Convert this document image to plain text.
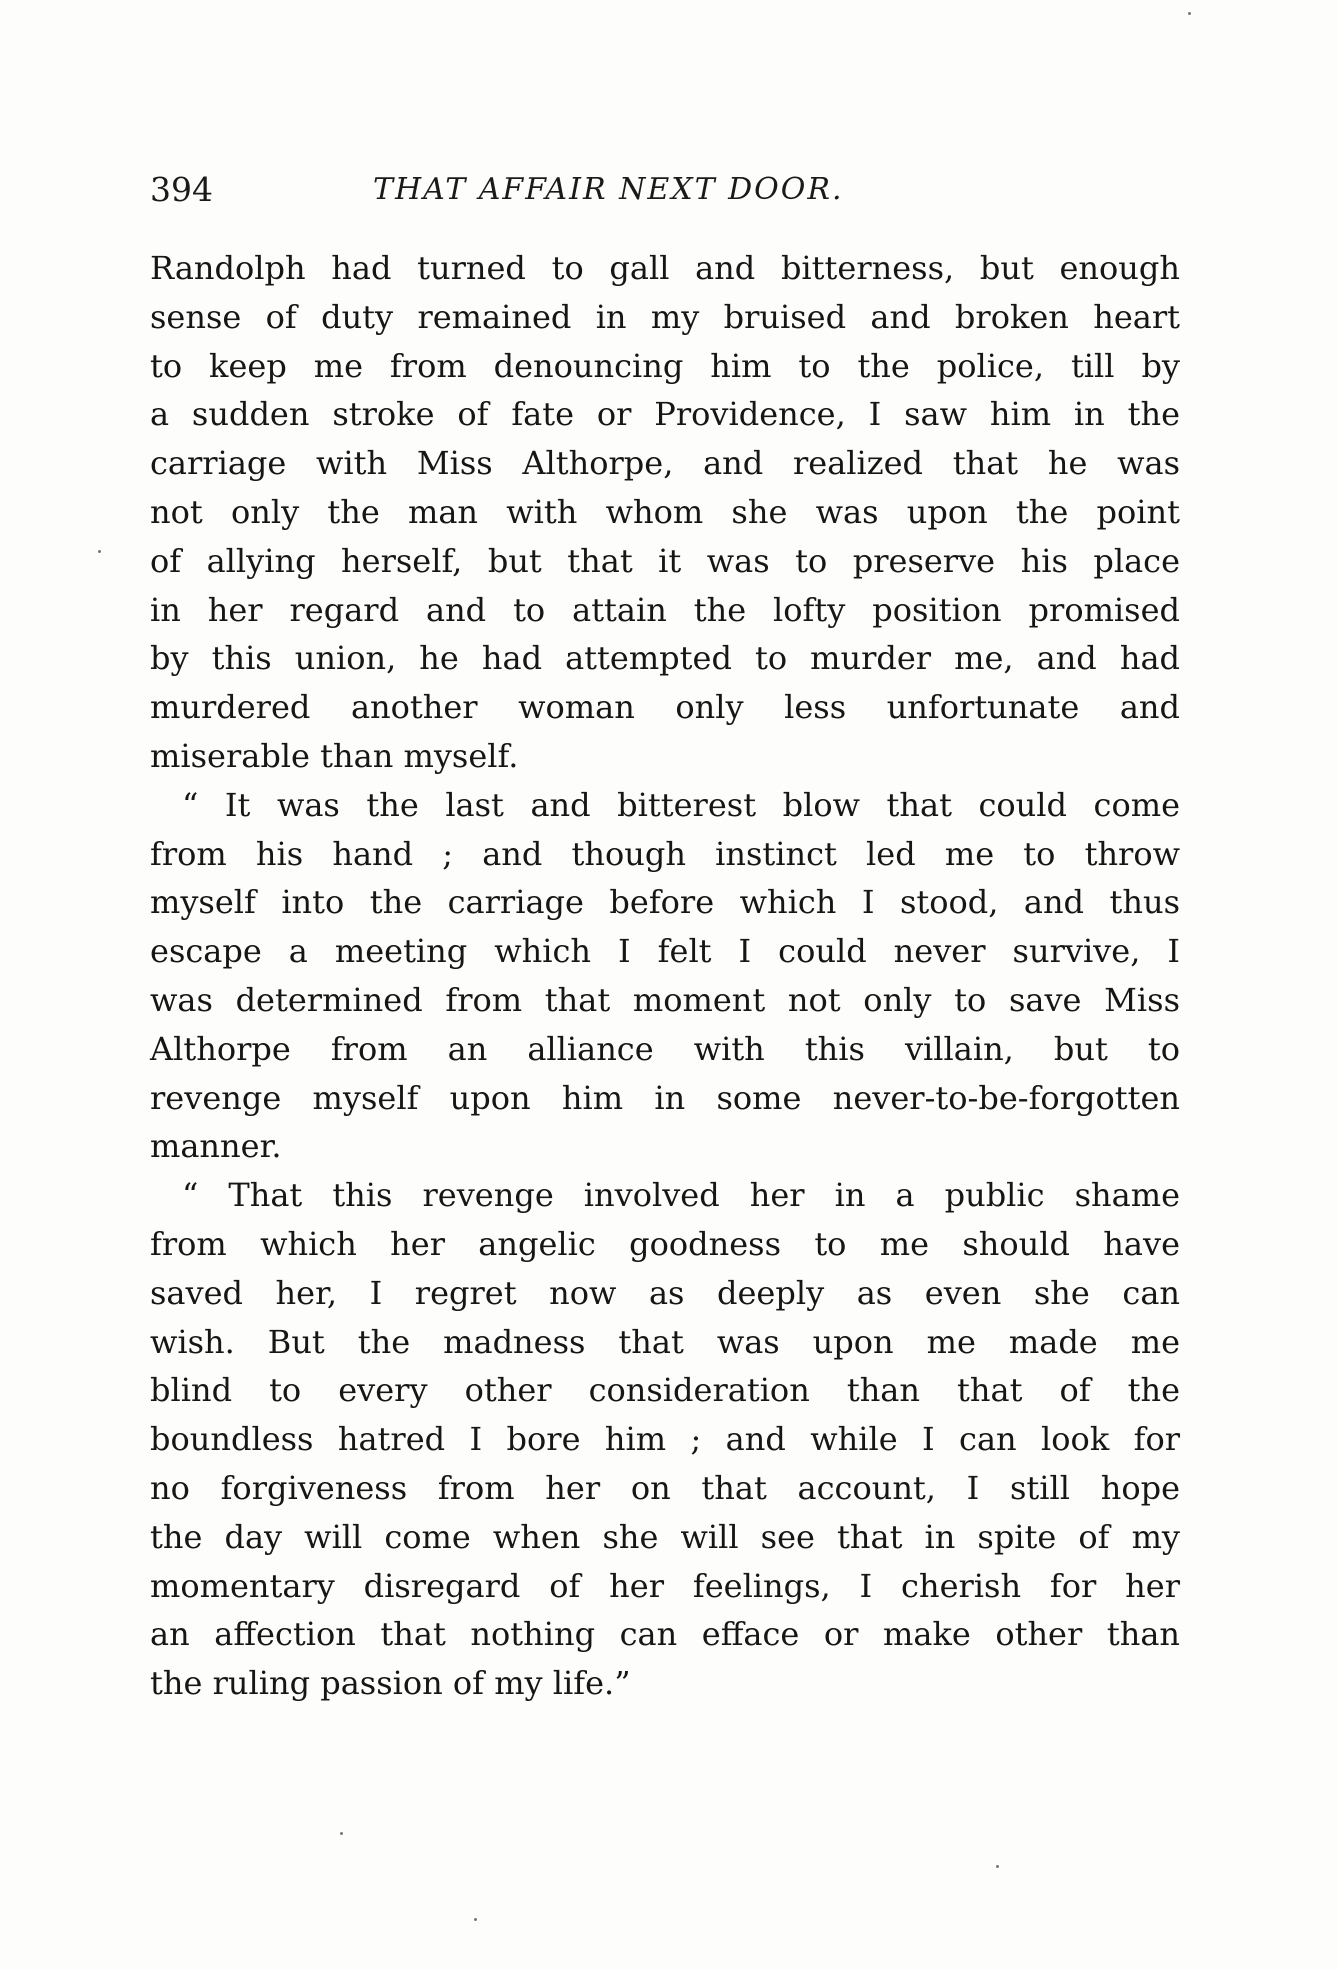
394	THAT AFFAIR NEXT DOOR.
Randolph had turned to gall and bitterness, but enough
sense of duty remained in my bruised and broken heart
to keep me from denouncing him to the police, till by
a sudden stroke of fate or Providence, I saw him in the
carriage with Miss Althorpe, and realized that he was
not only the man with whom she was upon the point
of allying herself, but that it was to preserve his place
in her regard and to attain the lofty position promised
by this union, he had attempted to murder me, and had
murdered another woman only less unfortunate and
miserable than myself.
“ It was the last and bitterest blow that could come
from his hand ; and though instinct led me to throw
myself into the carriage before which I stood, and thus
escape a meeting which I felt I could never survive, I
was determined from that moment not only to save Miss
Althorpe from an alliance with this villain, but to
revenge myself upon him in some never-to-be-forgotten
manner.
“ That this revenge involved her in a public shame
from which her angelic goodness to me should have
saved her, I regret now as deeply as even she can
wish. But the madness that was upon me made me
blind to every other consideration than that of the
boundless hatred I bore him ; and while I can look for
no forgiveness from her on that account, I still hope
the day will come when she will see that in spite of my
momentary disregard of her feelings, I cherish for her
an affection that nothing can efface or make other than
the ruling passion of my life.”
